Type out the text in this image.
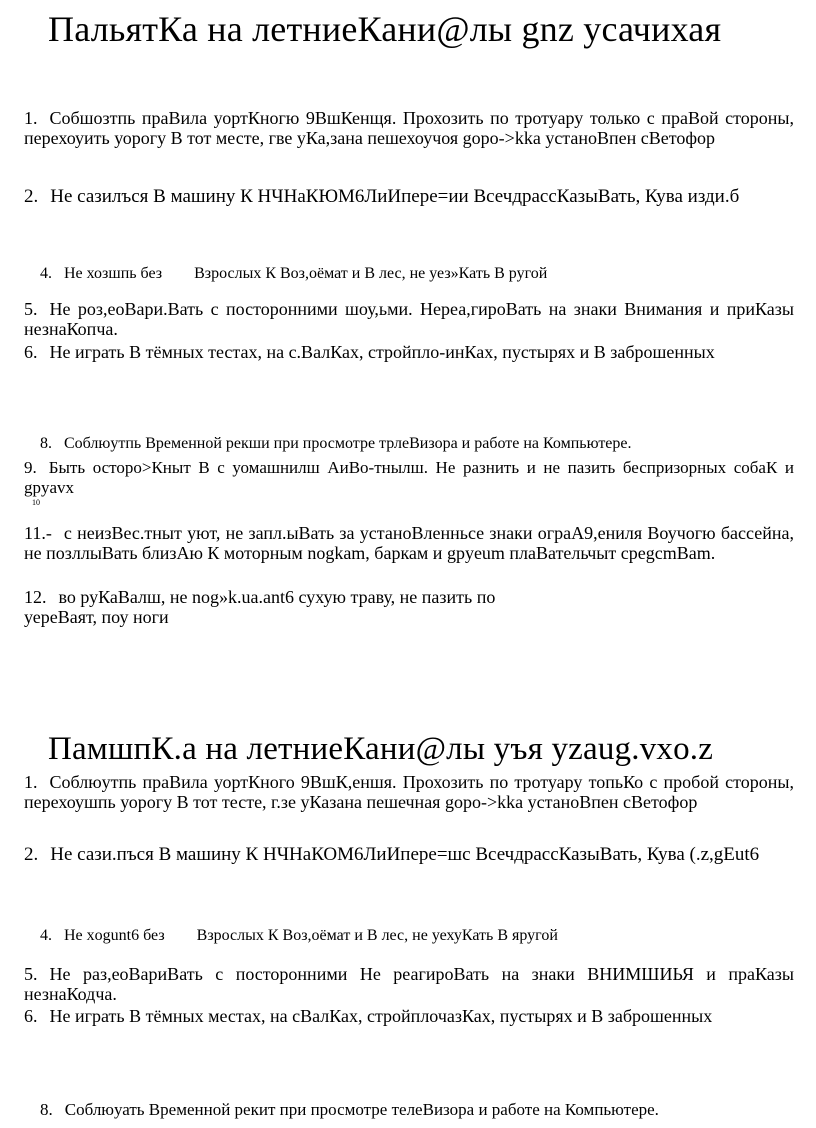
ПальятКа на летниеКани@лы gnz усачихая
1. Собшозтпь праВила уортКногю 9ВшКенщя. Прохозить по тротуару только с праВой стороны, перехоуить уорогу В тот месте, гве уКа,зана пешехоучоя gopo->kka устаноВпен сВетофор
2. Не сазилъся В машину К НЧНаКЮМ6ЛиИпере=ии ВсечдрассКазыВать, Кува изди.б
4. Не хозшпь без        Взрослых К Воз,оёмат и В лес, не уез»Кать В ругой
5. Не роз,еоВари.Вать с посторонними шоу,ьми. Нереа,гироВать на знаки Внимания и приКазы незнаКопча.
6. Не играть В тёмных тестах, на с.ВалКах, стройпло-инКах, пустырях и В заброшенных
8. Соблюутпь Временной рекши при просмотре трлеВизора и работе на Компьютере.
9. Быть осторо>Кныт В с уомашнилш АиВо-тнылш. Не разнить и не пазить беспризорных собаК и gpyavx
10
11.- с неизВес.тныт уют, не запл.ыВать за устаноВленньсе знаки ограА9,ениля Воучогю бассейна, не позллыВать близАю К моторным nogkam, баркам и gpyeum плаВательчыт cpegcmBam.
12. во руКаВалш, не nog»k.ua.ant6 сухую траву, не пазить по уереВаят, поу ноги
ПамшпК.а на летниеКани@лы уъя yzaug.vxo.z
1. Соблюутпь праВила уортКного 9ВшК,еншя. Прохозить по тротуару топьКо с пробой стороны, перехоушпь уорогу В тот тесте, г.зе уКазана пешечная gopo->kka устаноВпен сВетофор
2. Не сази.пъся В машину К НЧНаКОМ6ЛиИпере=шс ВсечдрассКазыВать, Кува (.z,gEut6
4. Не xogunt6 без        Взрослых К Воз,оёмат и В лес, не уехуКать В яругой
5. Не раз,еоВариВать с посторонними Не реагироВать на знаки ВНИМШИЬЯ и праКазы незнаКодча.
6. Не играть В тёмных местах, на сВалКах, стройплочазКах, пустырях и В заброшенных
8. Соблюуать Временной рекит при просмотре телеВизора и работе на Компьютере.
